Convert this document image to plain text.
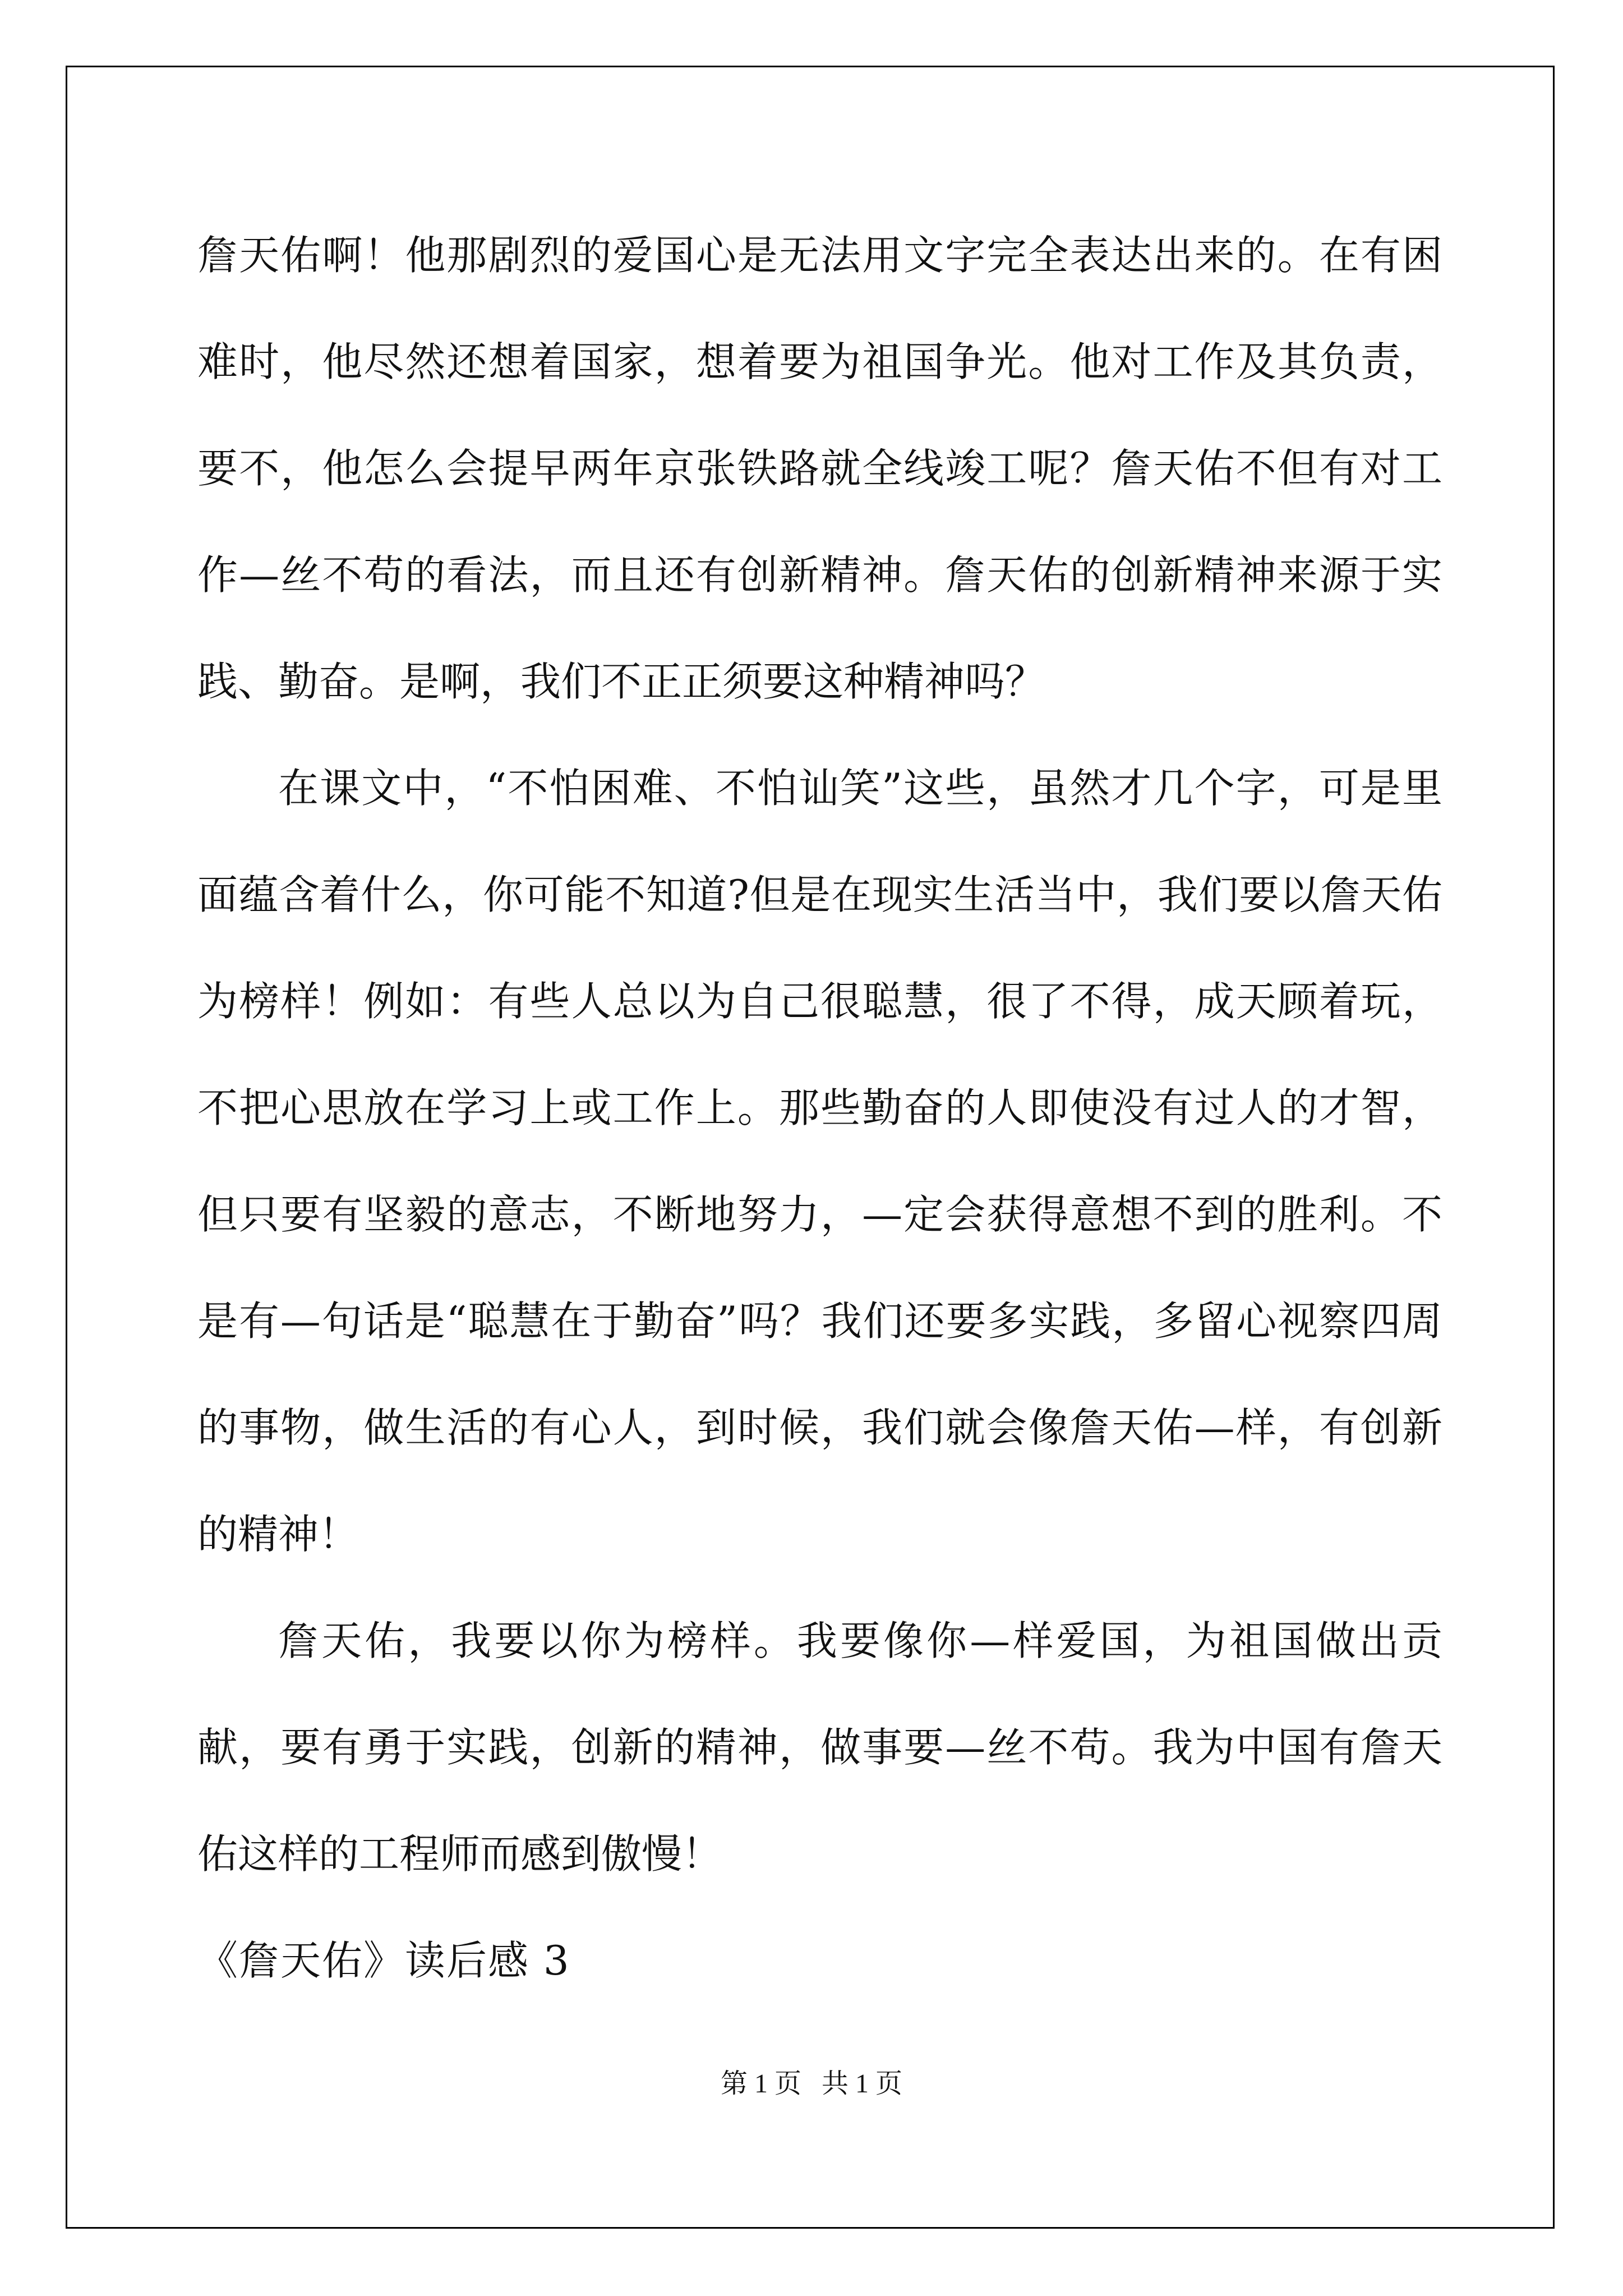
詹天佑啊！他那剧烈的爱国心是无法用文字完全表达出来的。在有困难时，他尽然还想着国家，想着要为祖国争光。他对工作及其负责，要不，他怎么会提早两年京张铁路就全线竣工呢？詹天佑不但有对工作—丝不苟的看法，而且还有创新精神。詹天佑的创新精神来源于实践、勤奋。是啊，我们不正正须要这种精神吗？

在课文中，“不怕困难、不怕讪笑”这些，虽然才几个字，可是里面蕴含着什么，你可能不知道?但是在现实生活当中，我们要以詹天佑为榜样！例如：有些人总以为自己很聪慧，很了不得，成天顾着玩，不把心思放在学习上或工作上。那些勤奋的人即使没有过人的才智，但只要有坚毅的意志，不断地努力，—定会获得意想不到的胜利。不是有—句话是“聪慧在于勤奋”吗？我们还要多实践，多留心视察四周的事物，做生活的有心人，到时候，我们就会像詹天佑—样，有创新的精神！

詹天佑，我要以你为榜样。我要像你—样爱国，为祖国做出贡献，要有勇于实践，创新的精神，做事要—丝不苟。我为中国有詹天佑这样的工程师而感到傲慢！

《詹天佑》读后感 3

第 1 页 共 1 页
